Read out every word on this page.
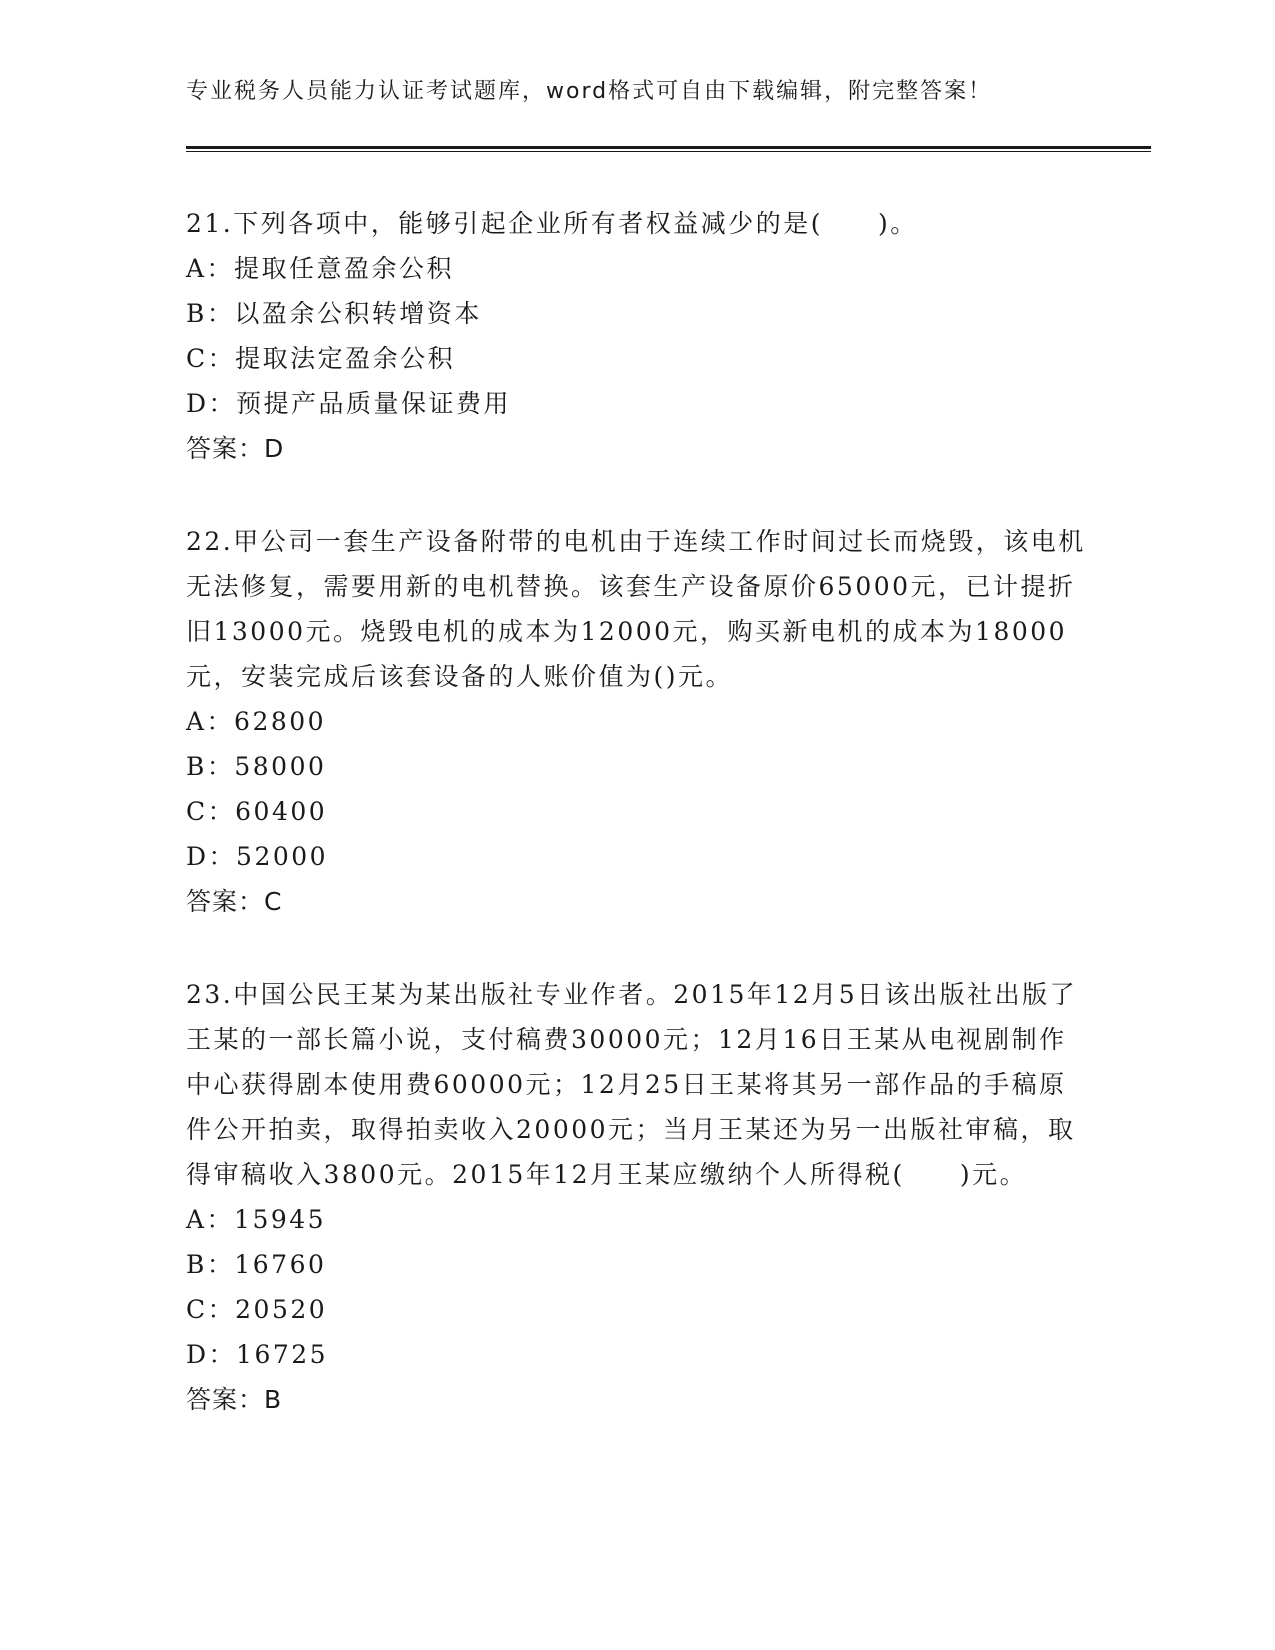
专业税务人员能力认证考试题库，word格式可自由下载编辑，附完整答案！
21.下列各项中，能够引起企业所有者权益减少的是(　　)。
A：提取任意盈余公积
B：以盈余公积转增资本
C：提取法定盈余公积
D：预提产品质量保证费用
答案：D
22.甲公司一套生产设备附带的电机由于连续工作时间过长而烧毁，该电机无法修复，需要用新的电机替换。该套生产设备原价65000元，已计提折旧13000元。烧毁电机的成本为12000元，购买新电机的成本为18000元，安装完成后该套设备的人账价值为()元。
A：62800
B：58000
C：60400
D：52000
答案：C
23.中国公民王某为某出版社专业作者。2015年12月5日该出版社出版了王某的一部长篇小说，支付稿费30000元；12月16日王某从电视剧制作中心获得剧本使用费60000元；12月25日王某将其另一部作品的手稿原件公开拍卖，取得拍卖收入20000元；当月王某还为另一出版社审稿，取得审稿收入3800元。2015年12月王某应缴纳个人所得税(　　)元。
A：15945
B：16760
C：20520
D：16725
答案：B
